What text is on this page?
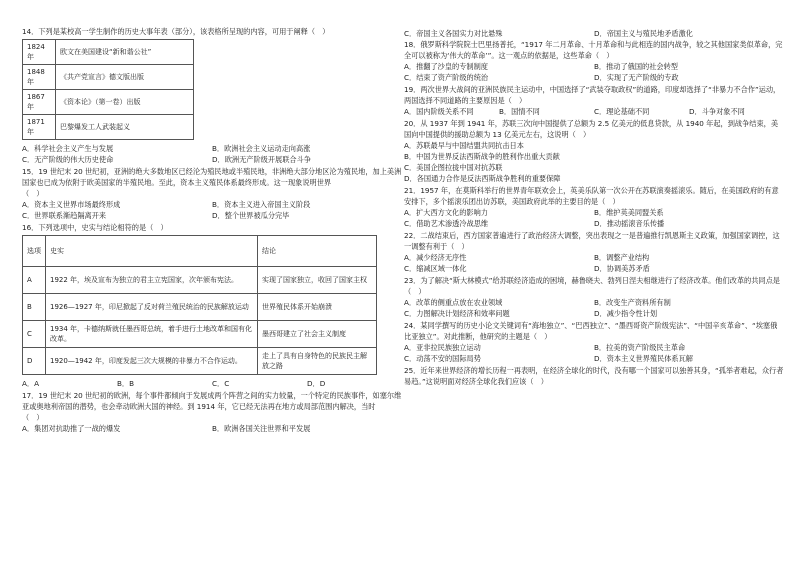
14．下列是某校高一学生制作的历史大事年表（部分），该表格所呈现的内容，可用于阐释（　）
1824 年	欧文在美国建设“新和谐公社”
1848 年	《共产党宣言》德文版出版
1867 年	《资本论》（第一卷）出版
1871 年	巴黎爆发工人武装起义
A．科学社会主义产生与发展	B．欧洲社会主义运动走向高涨
C．无产阶级的伟大历史使命	D．欧洲无产阶级开展联合斗争
15．19 世纪末 20 世纪初，亚洲的绝大多数地区已经沦为殖民地或半殖民地，非洲绝大部分地区沦为殖民地，加上美洲国家也已成为依附于欧美国家的半殖民地。至此，资本主义殖民体系最终形成。这一现象说明世界
（　）
A．资本主义世界市场最终形成	B．资本主义进入帝国主义阶段
C．世界联系渐趋隔离开来	D．整个世界被瓜分完毕
16．下列选项中，史实与结论相符的是（　）
选项	史实	结论
A	1922 年，埃及宣布为独立的君主立宪国家，次年颁布宪法。	实现了国家独立，收回了国家主权
B	1926—1927 年，印尼掀起了反对荷兰殖民统治的民族解放运动	世界殖民体系开始崩溃
C	1934 年，卡德纳斯就任墨西哥总统，着手进行土地改革和国有化改革。	墨西哥建立了社会主义制度
D	1920—1942 年，印度发起三次大规模的非暴力不合作运动。	走上了具有自身特色的民族民主解放之路
A．A	B．B	C．C	D．D
17．19 世纪末 20 世纪初的欧洲，每个事件都倾向于发展成两个阵营之间的实力较量，一个特定的民族事件，如塞尔维亚或奥地利帝国的潜势，也会牵动欧洲大国的神经。到 1914 年，它已经无法再在地方或局部范围内解决，当时
（　）
A．集团对抗助推了一战的爆发	B．欧洲各国关注世界和平发展
C．帝国主义各国实力对比悬殊	D．帝国主义与殖民地矛盾激化
18．俄罗斯科学院院士巴里扬普托，“1917 年二月革命、十月革命和与此相连的国内战争，较之其他国家类似革命，完全可以被称为‘伟大的革命’”。这一观点的依据是，这些革命（　）
A．推翻了沙皇的专制制度	B．推动了俄国的社会转型
C．结束了资产阶级的统治	D．实现了无产阶级的专政
19．两次世界大战间的亚洲民族民主运动中，中国选择了“武装夺取政权”的道路，印度却选择了“非暴力不合作”运动，两国选择不同道路的主要原因是（　）
A．国内阶级关系不同	B．国情不同	C．理论基础不同	D．斗争对象不同
20．从 1937 年到 1941 年，苏联三次向中国提供了总额为 2.5 亿美元的低息贷款，从 1940 年起，到战争结束，美国向中国提供的援助总额为 13 亿美元左右，这说明（　）
A．苏联最早与中国结盟共同抗击日本
B．中国为世界反法西斯战争的胜利作出重大贡献
C．美国企图拉拢中国对抗苏联
D．各国通力合作是反法西斯战争胜利的重要保障
21．1957 年，在莫斯科举行的世界青年联欢会上，英美乐队第一次公开在苏联演奏摇滚乐。随后，在美国政府的有意安排下，多个摇滚乐团出访苏联，美国政府此举的主要目的是（　）
A．扩大西方文化的影响力	B．维护英美同盟关系
C．借助艺术渗透冷战思维	D．推动摇滚音乐传播
22．二战结束后，西方国家普遍进行了政治经济大调整，突出表现之一是普遍推行凯恩斯主义政策，加强国家调控，这一调整有利于（　）
A．减少经济无序性	B．调整产业结构
C．缩减区域一体化	D．协调美苏矛盾
23．为了解决“斯大林模式”给苏联经济造成的困境，赫鲁晓夫、勃列日涅夫相继进行了经济改革。他们改革的共同点是（　）
A．改革的侧重点放在农业领域	B．改变生产资料所有制
C．力图解决计划经济和效率问题	D．减少指令性计划
24．某同学撰写的历史小论文关键词有“海地独立”、“巴西独立”、“墨西哥资产阶级宪法”、“中国辛亥革命”、“埃塞俄比亚独立”。对此推断，他研究的主题是（　）
A．亚非拉民族独立运动	B．拉美的资产阶级民主革命
C．动荡不安的国际局势	D．资本主义世界殖民体系瓦解
25．近年来世界经济的增长历程一再表明，在经济全球化的时代，没有哪一个国家可以独善其身，“孤举者难起，众行者易趋。”这说明面对经济全球化我们应该（　）
